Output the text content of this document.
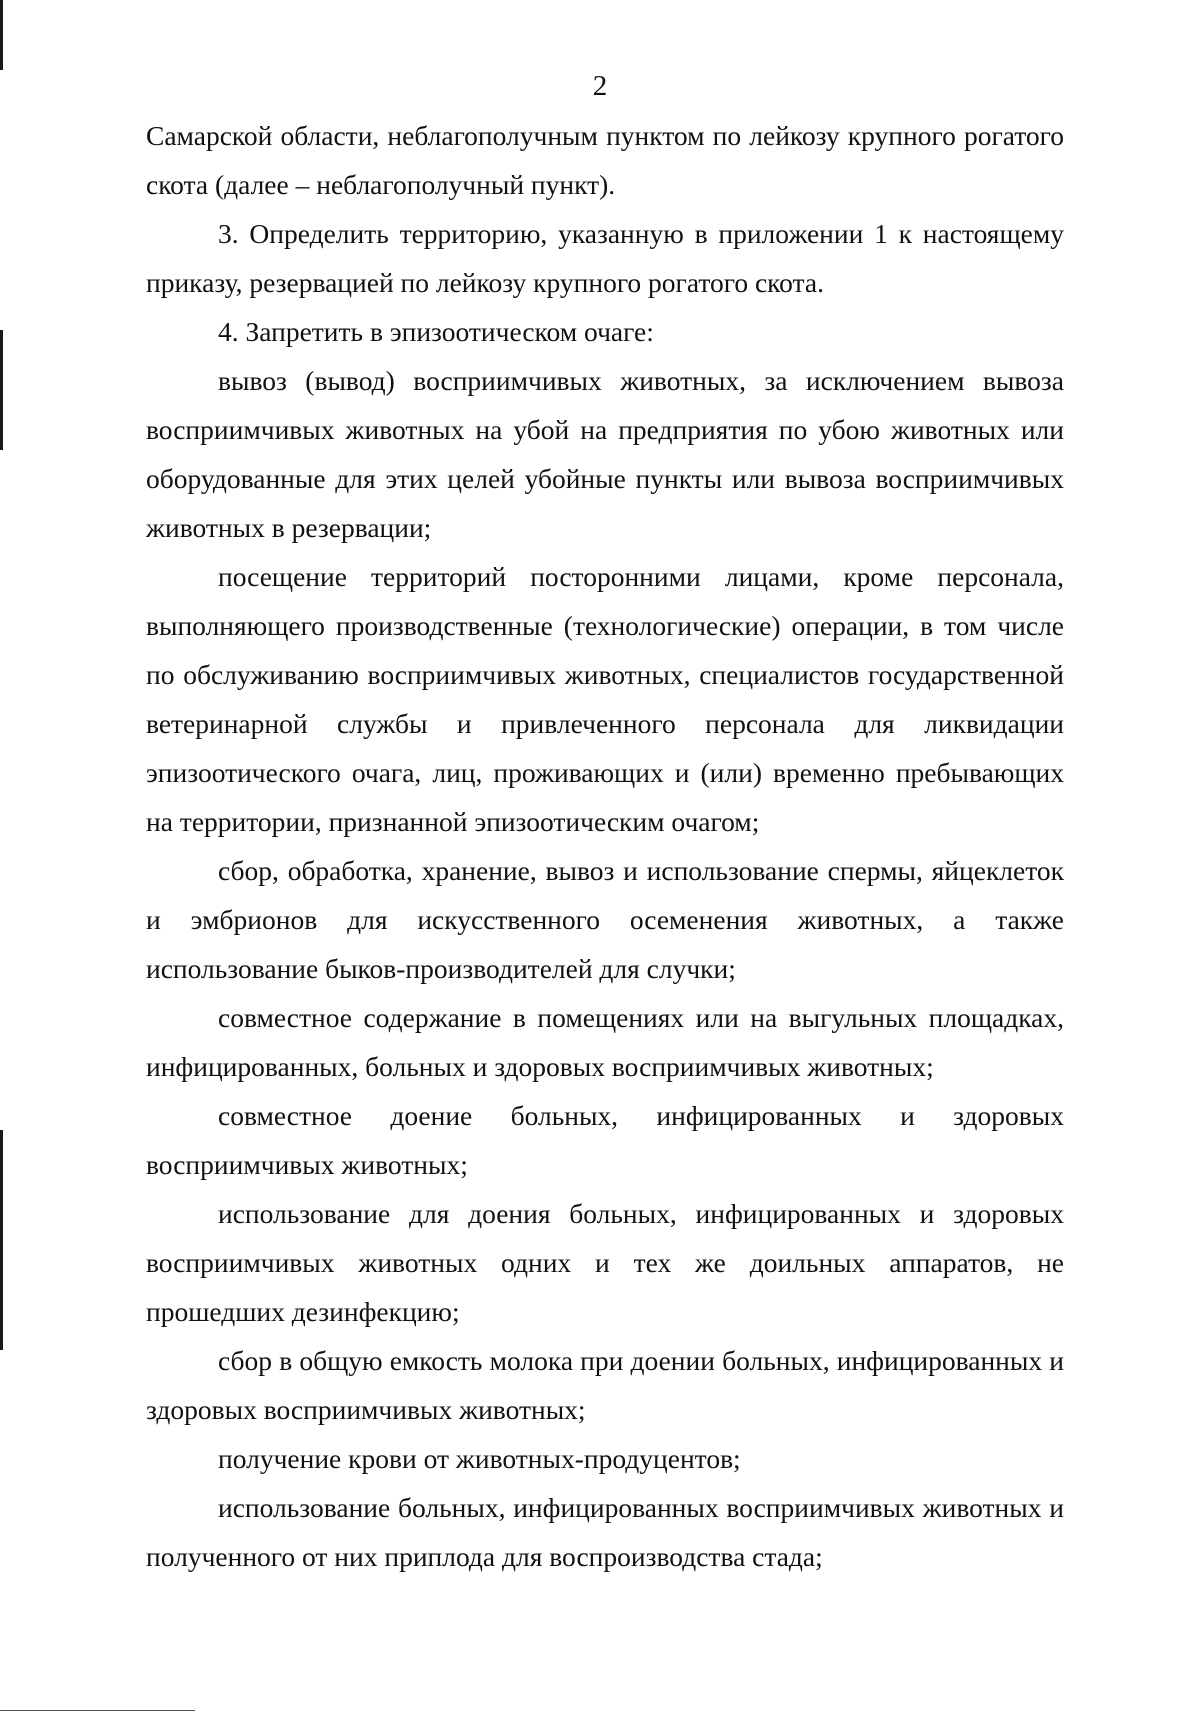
2

Самарской области, неблагополучным пунктом по лейкозу крупного рогатого скота (далее – неблагополучный пункт).

3. Определить территорию, указанную в приложении 1 к настоящему приказу, резервацией по лейкозу крупного рогатого скота.

4. Запретить в эпизоотическом очаге:

вывоз (вывод) восприимчивых животных, за исключением вывоза восприимчивых животных на убой на предприятия по убою животных или оборудованные для этих целей убойные пункты или вывоза восприимчивых животных в резервации;

посещение территорий посторонними лицами, кроме персонала, выполняющего производственные (технологические) операции, в том числе по обслуживанию восприимчивых животных, специалистов государственной ветеринарной службы и привлеченного персонала для ликвидации эпизоотического очага, лиц, проживающих и (или) временно пребывающих на территории, признанной эпизоотическим очагом;

сбор, обработка, хранение, вывоз и использование спермы, яйцеклеток и эмбрионов для искусственного осеменения животных, а также использование быков-производителей для случки;

совместное содержание в помещениях или на выгульных площадках, инфицированных, больных и здоровых восприимчивых животных;

совместное доение больных, инфицированных и здоровых восприимчивых животных;

использование для доения больных, инфицированных и здоровых восприимчивых животных одних и тех же доильных аппаратов, не прошедших дезинфекцию;

сбор в общую емкость молока при доении больных, инфицированных и здоровых восприимчивых животных;

получение крови от животных-продуцентов;

использование больных, инфицированных восприимчивых животных и полученного от них приплода для воспроизводства стада;
